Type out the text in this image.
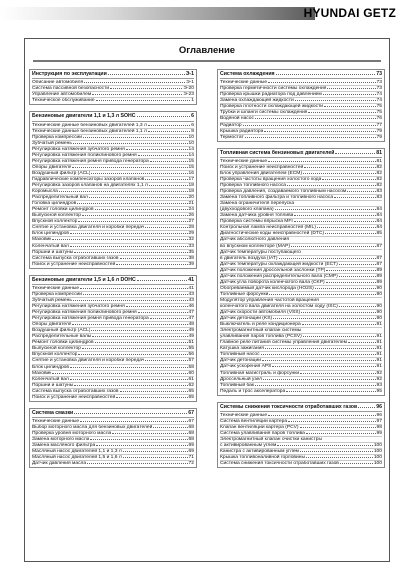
HYUNDAI GETZ
Оглавление
Инструкция по эксплуатации	Э-1
Описание автомобиля	Э-1
Система пассивной безопасности	Э-20
Управление автомобилем	Э-23
Техническое обслуживание	1
Бензиновые двигатели 1,1 и 1,3 л SOHC	6
Технические данные бензиновых двигателей 1,3 л	6
Технические данные бензиновых двигателей 1,1 л	8
Проверка компрессии	10
Зубчатый ремень	10
Регулировка натяжения зубчатого ремня	14
Регулировка натяжения поликлинового ремня	14
Регулировка натяжения ремня привода генератора	15
Опоры двигателя	15
Воздушный фильтр (ACL)	16
Гидравлические компенсаторы зазоров клапанов	17
Регулировка зазоров клапанов на двигателях 1,1 л	18
Коромысла	18
Распределительный вал	20
Головка цилиндров	21
Ремонт головки цилиндров	24
Выпускной коллектор	26
Впускной коллектор	27
Снятие и установка двигателя и коробки передач	28
Блок цилиндров	29
Маховик	32
Коленчатый вал	33
Поршни и шатуны	35
Система выпуска отработавших газов	38
Поиск и устранение неисправностей	39
Бензиновые двигатели 1,5 и 1,6 л DOHC	41
Технические данные	41
Проверка компрессии	43
Зубчатый ремень	43
Регулировка натяжения зубчатого ремня	46
Регулировка натяжения поликлинового ремня	47
Регулировка натяжения ремня привода генератора	47
Опоры двигателя	48
Воздушный фильтр (ACL)	49
Распределительные валы	49
Ремонт головки цилиндров	51
Выпускной коллектор	55
Впускной коллектор	56
Снятие и установка двигателя и коробки передач	57
Блок цилиндров	58
Маховик	60
Коленчатый вал	61
Поршни и шатуны	62
Система выпуска отработавших газов	65
Поиск и устранение неисправностей	65
Система смазки	67
Технические данные	67
Выбор моторного масла для бензиновых двигателей	68
Проверка уровня моторного масла	68
Замена моторного масла	68
Замена масляного фильтра	69
Масляный насос двигателей 1,1 и 1,3 л	69
Масляный насос двигателей 1,5 и 1,6 л	71
Датчик давления масла	72
Система охлаждения	73
Технические данные	73
Проверка герметичности системы охлаждения	73
Проверка крышки радиатора под давлением	74
Замена охлаждающей жидкости	74
Проверка плотности охлаждающей жидкости	75
Трубки и шланги системы охлаждения	75
Водяной насос	76
Радиатор	77
Крышка радиатора	79
Термостат	79
Топливная система бензиновых двигателей	81
Технические данные	81
Поиск и устранение неисправностей	82
Блок управления двигателем (ECM)	82
Проверка частоты вращения холостого хода	82
Проверка топливного насоса	82
Проверка давления, создаваемого топливным насосом	83
Замена топливного фильтра и топливного насоса	83
Замена ограничителя перепуска
(двухходового клапана)	84
Замена датчика уровня топлива	84
Проверка системы впрыска MFI	84
Контрольная лампа неисправностей (MIL)	84
Диагностические коды неисправностей (DTC)	85
Датчик абсолютного давления
во впускном коллекторе (MAP)	87
Датчик температуры поступающего
в двигатель воздуха (IAT)	87
Датчик температуры охлаждающей жидкости (ECT)	87
Датчик положения дроссельной заслонки (TP)	89
Датчик положения распределительного вала (CMP)	89
Датчик угла поворота коленчатого вала (CKP)	89
Обогреваемый датчик кислорода (HO2S)	90
Топливные форсунки	90
Модулятор управления частотой вращения
коленчатого вала двигателя на холостом ходу (ISC)	90
Датчик скорости автомобиля (VSS)	90
Датчик детонации (KS)	90
Выключатель и реле кондиционера	91
Электромагнитный клапан системы
улавливания паров топлива (PCSV)	91
Главное реле питания системы управления двигателем	91
Катушка зажигания	91
Топливный насос	91
Датчик детонации	91
Датчик ускорения APS	91
Топливная магистраль и форсунки	92
Дроссельный узел	92
Топливный бак	93
Педаль и трос акселератора	95
Системы снижения токсичности отработавших газов	96
Технические данные	96
Система вентиляции картера	97
Клапан вентиляции картера (PCV)	98
Система улавливания паров топлива	99
Электромагнитный клапан очистки канистры
с активированным углем	100
Канистра с активированным углем	100
Крышка топливоналивной горловины	100
Система снижения токсичности отработавших газов	100
